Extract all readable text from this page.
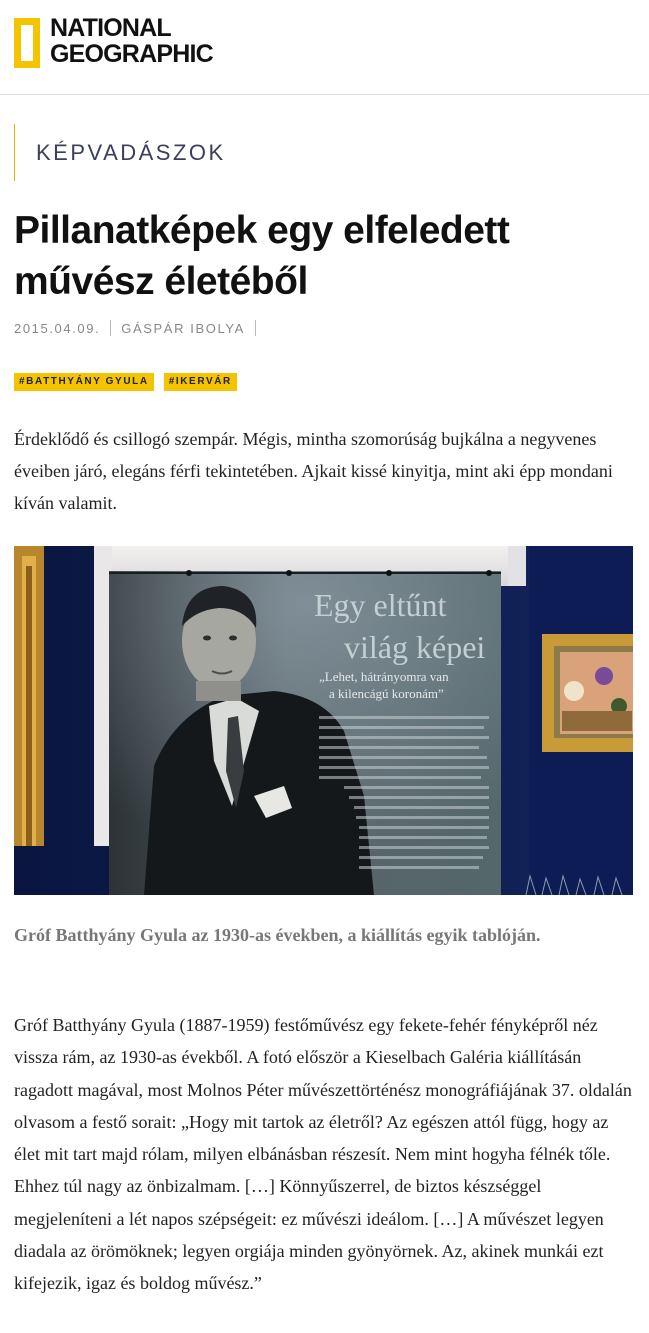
NATIONAL
GEOGRAPHIC
KÉPVADÁSZOK
Pillanatképek egy elfeledett művész életéből
2015.04.09. GÁSPÁR IBOLYA
#BATTHYÁNY GYULA	#IKERVÁR

Érdeklődő és csillogó szempár. Mégis, mintha szomorúság bujkálna a negyvenes éveiben járó, elegáns férfi tekintetében. Ajkait kissé kinyitja, mint aki épp mondani kíván valamit.

Egy eltűnt
világ képei
„Lehet, hátrányomra van
a kilencágú koronám”

Gróf Batthyány Gyula az 1930-as években, a kiállítás egyik tablóján.

Gróf Batthyány Gyula (1887-1959) festőművész egy fekete-fehér fényképről néz vissza rám, az 1930-as évekből. A fotó először a Kieselbach Galéria kiállításán ragadott magával, most Molnos Péter művészettörténész monográfiájának 37. oldalán olvasom a festő sorait: „Hogy mit tartok az életről? Az egészen attól függ, hogy az élet mit tart majd rólam, milyen elbánásban részesít. Nem mint hogyha félnék tőle. Ehhez túl nagy az önbizalmam. […] Könnyűszerrel, de biztos készséggel megjeleníteni a lét napos szépségeit: ez művészi ideálom. […] A művészet legyen diadala az örömöknek; legyen orgiája minden gyönyörnek. Az, akinek munkái ezt kifejezik, igaz és boldog művész.”
